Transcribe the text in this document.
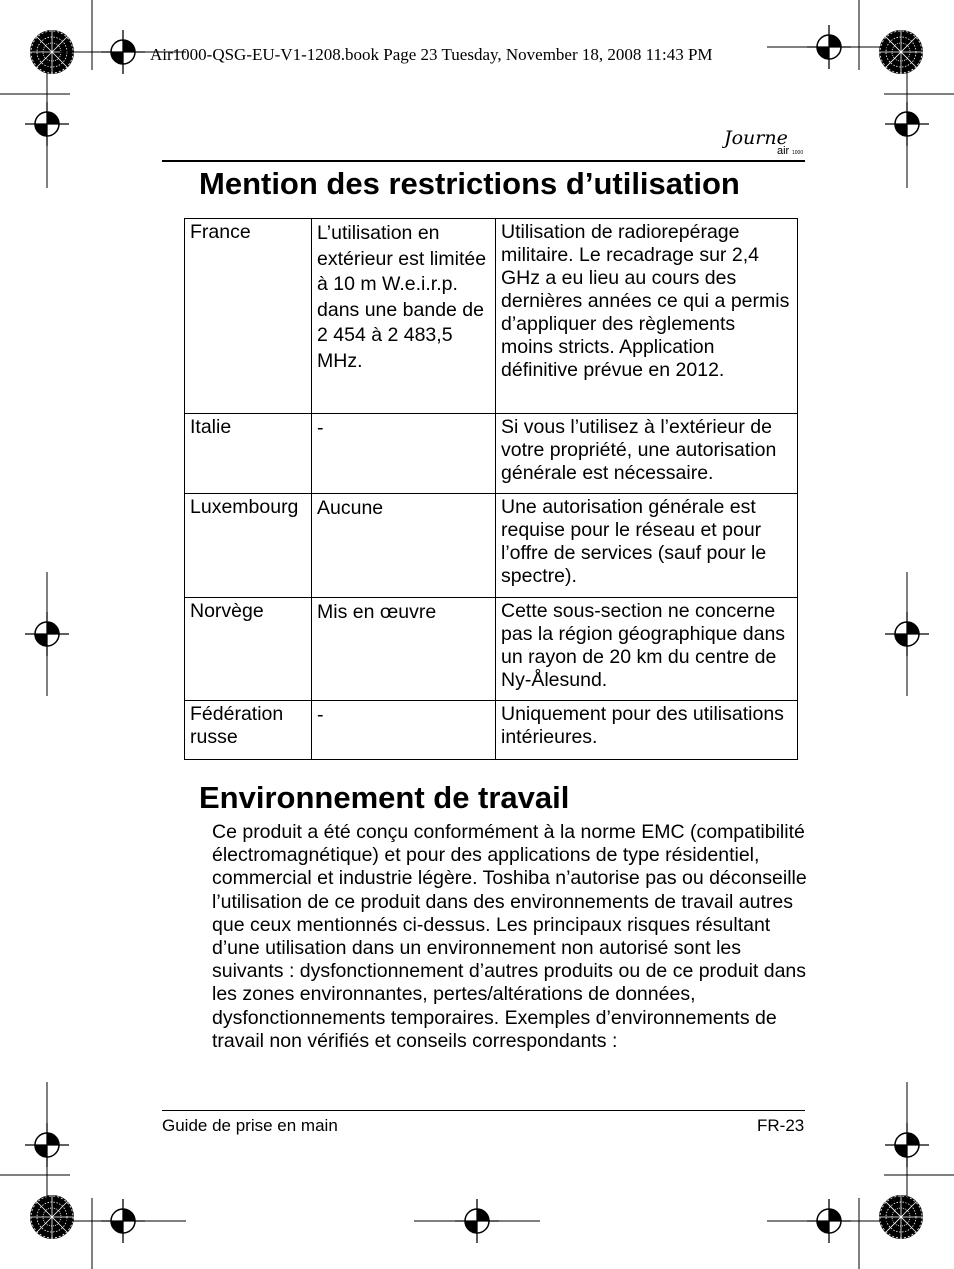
Air1000-QSG-EU-V1-1208.book Page 23 Tuesday, November 18, 2008 11:43 PM
Journe
air 1000
Mention des restrictions d’utilisation
France	L’utilisation en extérieur est limitée à 10 m W.e.i.r.p. dans une bande de 2 454 à 2 483,5 MHz.	Utilisation de radiorepérage militaire. Le recadrage sur 2,4 GHz a eu lieu au cours des dernières années ce qui a permis d’appliquer des règlements moins stricts. Application définitive prévue en 2012.
Italie	-	Si vous l’utilisez à l’extérieur de votre propriété, une autorisation générale est nécessaire.
Luxembourg	Aucune	Une autorisation générale est requise pour le réseau et pour l’offre de services (sauf pour le spectre).
Norvège	Mis en œuvre	Cette sous-section ne concerne pas la région géographique dans un rayon de 20 km du centre de Ny-Ålesund.
Fédération russe	-	Uniquement pour des utilisations intérieures.
Environnement de travail

Ce produit a été conçu conformément à la norme EMC (compatibilité électromagnétique) et pour des applications de type résidentiel, commercial et industrie légère. Toshiba n’autorise pas ou déconseille l’utilisation de ce produit dans des environnements de travail autres que ceux mentionnés ci-dessus. Les principaux risques résultant d’une utilisation dans un environnement non autorisé sont les suivants : dysfonctionnement d’autres produits ou de ce produit dans les zones environnantes, pertes/altérations de données, dysfonctionnements temporaires. Exemples d’environnements de travail non vérifiés et conseils correspondants :

Guide de prise en main	FR-23
